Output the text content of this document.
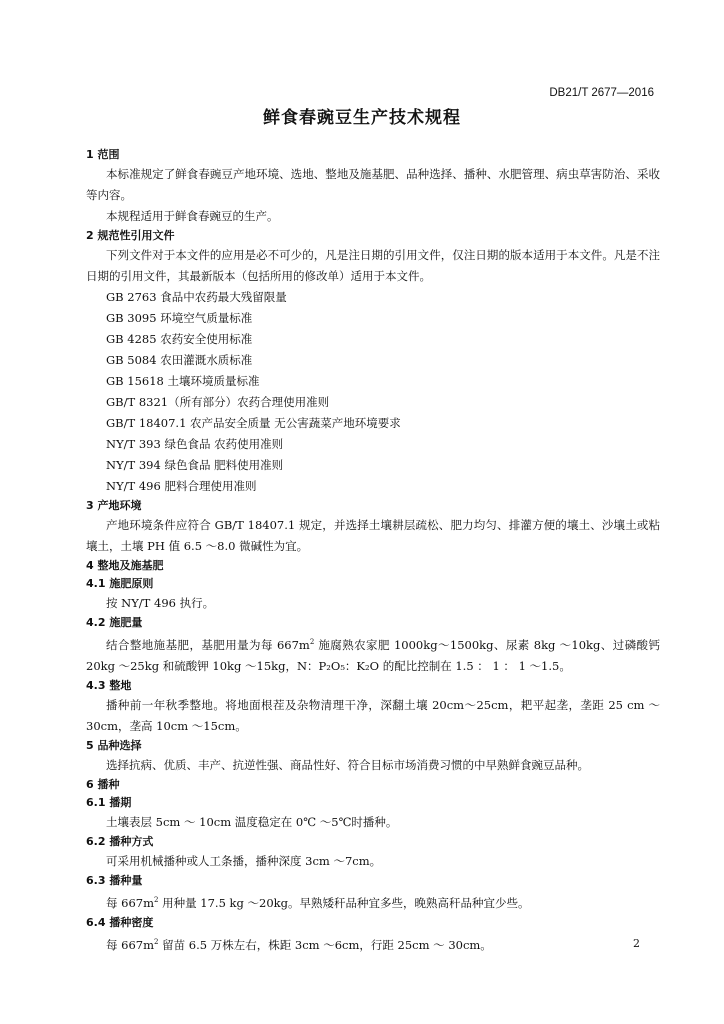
DB21/T 2677—2016
鲜食春豌豆生产技术规程
1 范围
本标准规定了鲜食春豌豆产地环境、选地、整地及施基肥、品种选择、播种、水肥管理、病虫草害防治、采收等内容。
本规程适用于鲜食春豌豆的生产。
2 规范性引用文件
下列文件对于本文件的应用是必不可少的，凡是注日期的引用文件，仅注日期的版本适用于本文件。凡是不注日期的引用文件，其最新版本（包括所用的修改单）适用于本文件。
GB 2763 食品中农药最大残留限量
GB 3095 环境空气质量标准
GB 4285 农药安全使用标准
GB 5084 农田灌溉水质标准
GB 15618 土壤环境质量标准
GB/T 8321（所有部分）农药合理使用准则
GB/T 18407.1 农产品安全质量 无公害蔬菜产地环境要求
NY/T 393 绿色食品 农药使用准则
NY/T 394 绿色食品 肥料使用准则
NY/T 496 肥料合理使用准则
3 产地环境
产地环境条件应符合 GB/T 18407.1 规定，并选择土壤耕层疏松、肥力均匀、排灌方便的壤土、沙壤土或粘壤土，土壤 PH 值 6.5 ～8.0 微碱性为宜。
4 整地及施基肥
4.1 施肥原则
按 NY/T 496 执行。
4.2 施肥量
结合整地施基肥，基肥用量为每 $667m^2$ 施腐熟农家肥 1000kg～1500kg、尿素 8kg ～10kg、过磷酸钙 20kg ～25kg 和硫酸钾 10kg ～15kg，N：P₂O₅：K₂O 的配比控制在 1.5 ： 1 ： 1 ～1.5。
4.3 整地
播种前一年秋季整地。将地面根茬及杂物清理干净，深翻土壤 20cm～25cm，耙平起垄，垄距 25 cm ～30cm，垄高 10cm ～15cm。
5 品种选择
选择抗病、优质、丰产、抗逆性强、商品性好、符合目标市场消费习惯的中早熟鲜食豌豆品种。
6 播种
6.1 播期
土壤表层 5cm ～ 10cm 温度稳定在 0℃ ～5℃时播种。
6.2 播种方式
可采用机械播种或人工条播，播种深度 3cm ～7cm。
6.3 播种量
每 $667m^2$ 用种量 17.5 kg ～20kg。早熟矮秆品种宜多些，晚熟高秆品种宜少些。
6.4 播种密度
每 $667m^2$ 留苗 6.5 万株左右，株距 3cm ～6cm，行距 25cm ～ 30cm。	2
